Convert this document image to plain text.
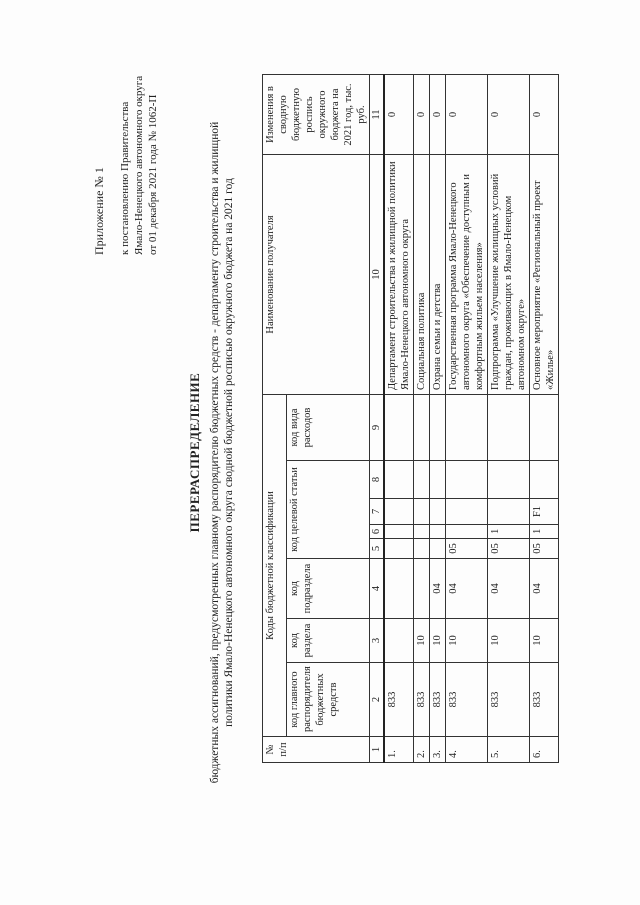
Приложение № 1 к постановлению Правительства Ямало-Ненецкого автономного округа от 01 декабря 2021 года № 1062-П
ПЕРЕРАСПРЕДЕЛЕНИЕ бюджетных ассигнований, предусмотренных главному распорядителю бюджетных средств - департаменту строительства и жилищной политики Ямало-Ненецкого автономного округа сводной бюджетной росписью окружного бюджета на 2021 год
№ п/п	Коды бюджетной классификации								Наименование получателя	Изменения в сводную бюджетную роспись окружного бюджета на 2021 год, тыс. руб.
	код главного распорядителя бюджетных средств	код раздела	код подраздела	код целевой статьи				код вида расходов		
1	2	3	4	5	6	7	8	9	10	11
1.	833								Департамент строительства и жилищной политики Ямало-Ненецкого автономного округа	0
2.	833	10							Социальная политика	0
3.	833	10	04						Охрана семьи и детства	0
4.	833	10	04	05					Государственная программа Ямало-Ненецкого автономного округа «Обеспечение доступным и комфортным жильем населения»	0
5.	833	10	04	05	1				Подпрограмма «Улучшение жилищных условий граждан, проживающих в Ямало-Ненецком автономном округе»	0
6.	833	10	04	05	1	F1			Основное мероприятие «Региональный проект «Жилье»	0
